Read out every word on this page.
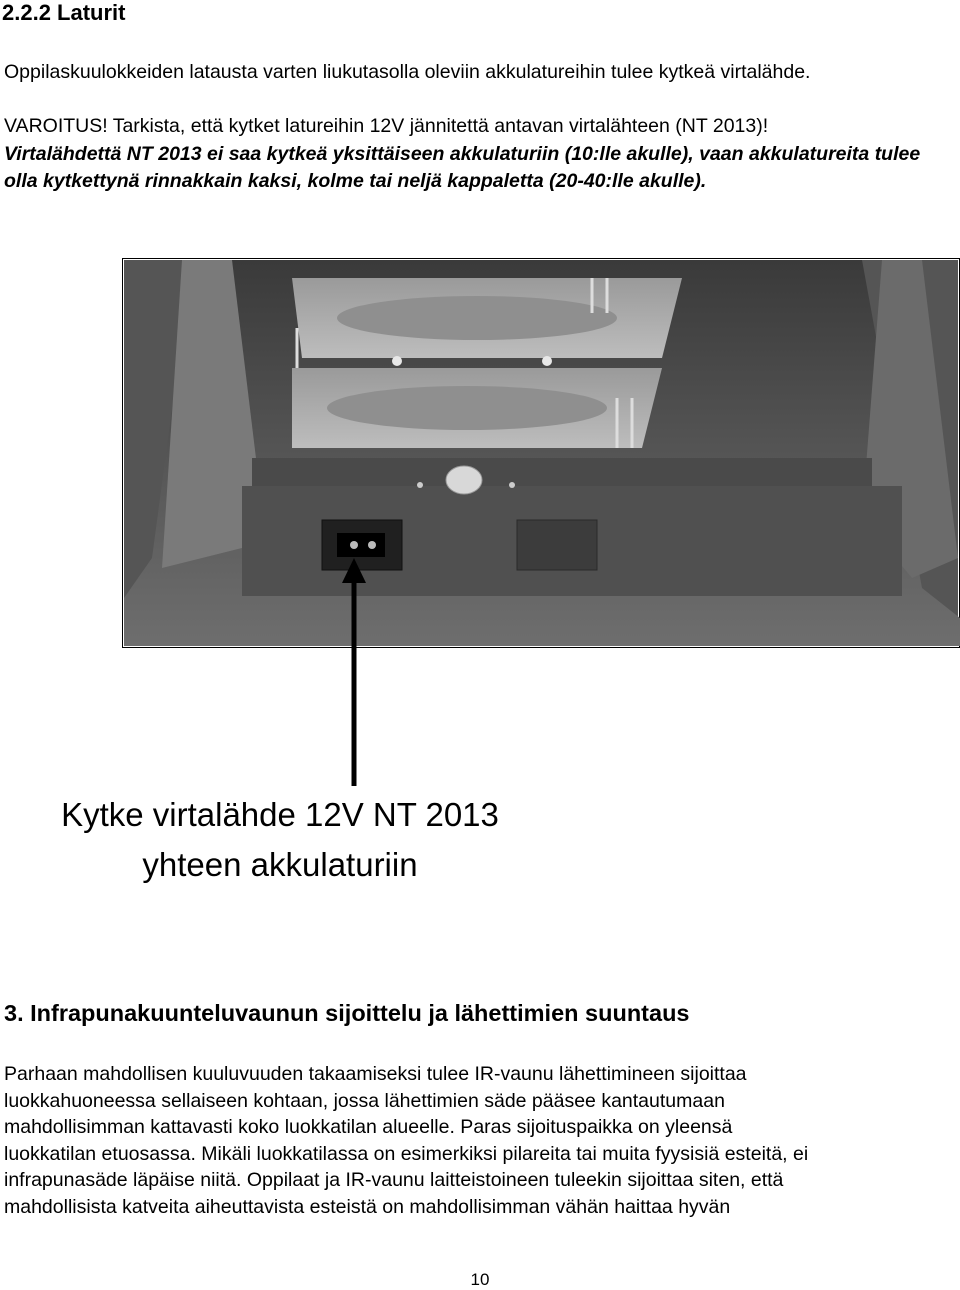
2.2.2 Laturit
Oppilaskuulokkeiden latausta varten liukutasolla oleviin akkulatureihin tulee kytkeä virtalähde.
VAROITUS! Tarkista, että kytket latureihin 12V jännitettä antavan virtalähteen (NT 2013)!
Virtalähdettä NT 2013 ei saa kytkeä yksittäiseen akkulaturiin (10:lle akulle), vaan akkulatureita tulee olla kytkettynä rinnakkain kaksi, kolme tai neljä kappaletta (20-40:lle akulle).
Kytke virtalähde 12V NT 2013
yhteen akkulaturiin
3. Infrapunakuunteluvaunun sijoittelu ja lähettimien suuntaus
Parhaan mahdollisen kuuluvuuden takaamiseksi tulee IR-vaunu lähettimineen sijoittaa
luokkahuoneessa sellaiseen kohtaan, jossa lähettimien säde pääsee kantautumaan
mahdollisimman kattavasti koko luokkatilan alueelle. Paras sijoituspaikka on yleensä
luokkatilan etuosassa. Mikäli luokkatilassa on esimerkiksi pilareita tai muita fyysisiä esteitä, ei
infrapunasäde läpäise niitä. Oppilaat ja IR-vaunu laitteistoineen tuleekin sijoittaa siten, että
mahdollisista katveita aiheuttavista esteistä on mahdollisimman vähän haittaa hyvän
10
